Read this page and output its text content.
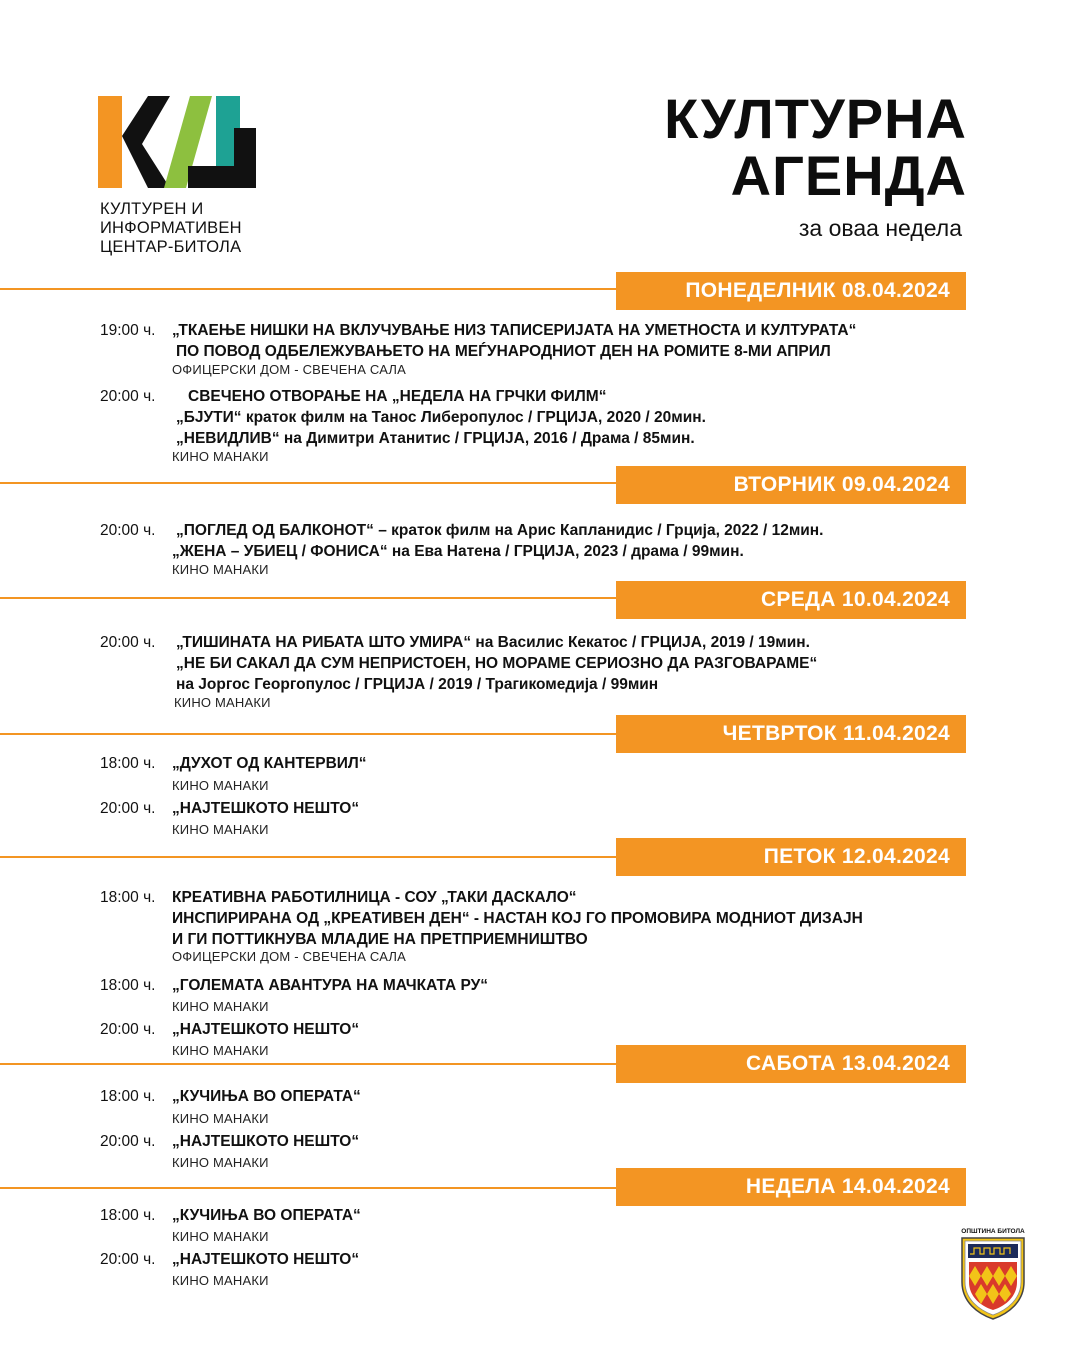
КУЛТУРЕН И
ИНФОРМАТИВЕН
ЦЕНТАР-БИТОЛА
КУЛТУРНА
АГЕНДА
за оваа недела
ПОНЕДЕЛНИК 08.04.2024
19:00 ч. „ТКАЕЊЕ НИШКИ НА ВКЛУЧУВАЊЕ НИЗ ТАПИСЕРИЈАТА НА УМЕТНОСТА И КУЛТУРАТА“
ПО ПОВОД ОДБЕЛЕЖУВАЊЕТО НА МЕЃУНАРОДНИОТ ДЕН НА РОМИТЕ 8-МИ АПРИЛ
ОФИЦЕРСКИ ДОМ - СВЕЧЕНА САЛА
20:00 ч. СВЕЧЕНО ОТВОРАЊЕ НА „НЕДЕЛА НА ГРЧКИ ФИЛМ“
„БЈУТИ“ краток филм на Танос Либеропулос / ГРЦИЈА, 2020 / 20мин.
„НЕВИДЛИВ“ на Димитри Атанитис / ГРЦИЈА, 2016 / Драма / 85мин.
КИНО МАНАКИ
ВТОРНИК 09.04.2024
20:00 ч. „ПОГЛЕД ОД БАЛКОНОТ“ – краток филм на Арис Капланидис / Грција, 2022 / 12мин.
„ЖЕНА – УБИЕЦ / ФОНИСА“ на Ева Натена / ГРЦИЈА, 2023 / драма / 99мин.
КИНО МАНАКИ
СРЕДА 10.04.2024
20:00 ч. „ТИШИНАТА НА РИБАТА ШТО УМИРА“ на Василис Кекатос / ГРЦИЈА, 2019 / 19мин.
„НЕ БИ САКАЛ ДА СУМ НЕПРИСТОЕН, НО МОРАМЕ СЕРИОЗНО ДА РАЗГОВАРАМЕ“
на Јоргос Георгопулос / ГРЦИЈА / 2019 / Трагикомедија / 99мин
КИНО МАНАКИ
ЧЕТВРТОК 11.04.2024
18:00 ч. „ДУХОТ ОД КАНТЕРВИЛ“
КИНО МАНАКИ
20:00 ч. „НАЈТЕШКОТО НЕШТО“
КИНО МАНАКИ
ПЕТОК 12.04.2024
18:00 ч. КРЕАТИВНА РАБОТИЛНИЦА - СОУ „ТАКИ ДАСКАЛО“
ИНСПИРИРАНА ОД „КРЕАТИВЕН ДЕН“ - НАСТАН КОЈ ГО ПРОМОВИРА МОДНИОТ ДИЗАЈН
И ГИ ПОТТИКНУВА МЛАДИЕ НА ПРЕТПРИЕМНИШТВО
ОФИЦЕРСКИ ДОМ - СВЕЧЕНА САЛА
18:00 ч. „ГОЛЕМАТА АВАНТУРА НА МАЧКАТА РУ“
КИНО МАНАКИ
20:00 ч. „НАЈТЕШКОТО НЕШТО“
КИНО МАНАКИ
САБОТА 13.04.2024
18:00 ч. „КУЧИЊА ВО ОПЕРАТА“
КИНО МАНАКИ
20:00 ч. „НАЈТЕШКОТО НЕШТО“
КИНО МАНАКИ
НЕДЕЛА 14.04.2024
18:00 ч. „КУЧИЊА ВО ОПЕРАТА“
КИНО МАНАКИ
20:00 ч. „НАЈТЕШКОТО НЕШТО“
КИНО МАНАКИ
ОПШТИНА БИТОЛА
